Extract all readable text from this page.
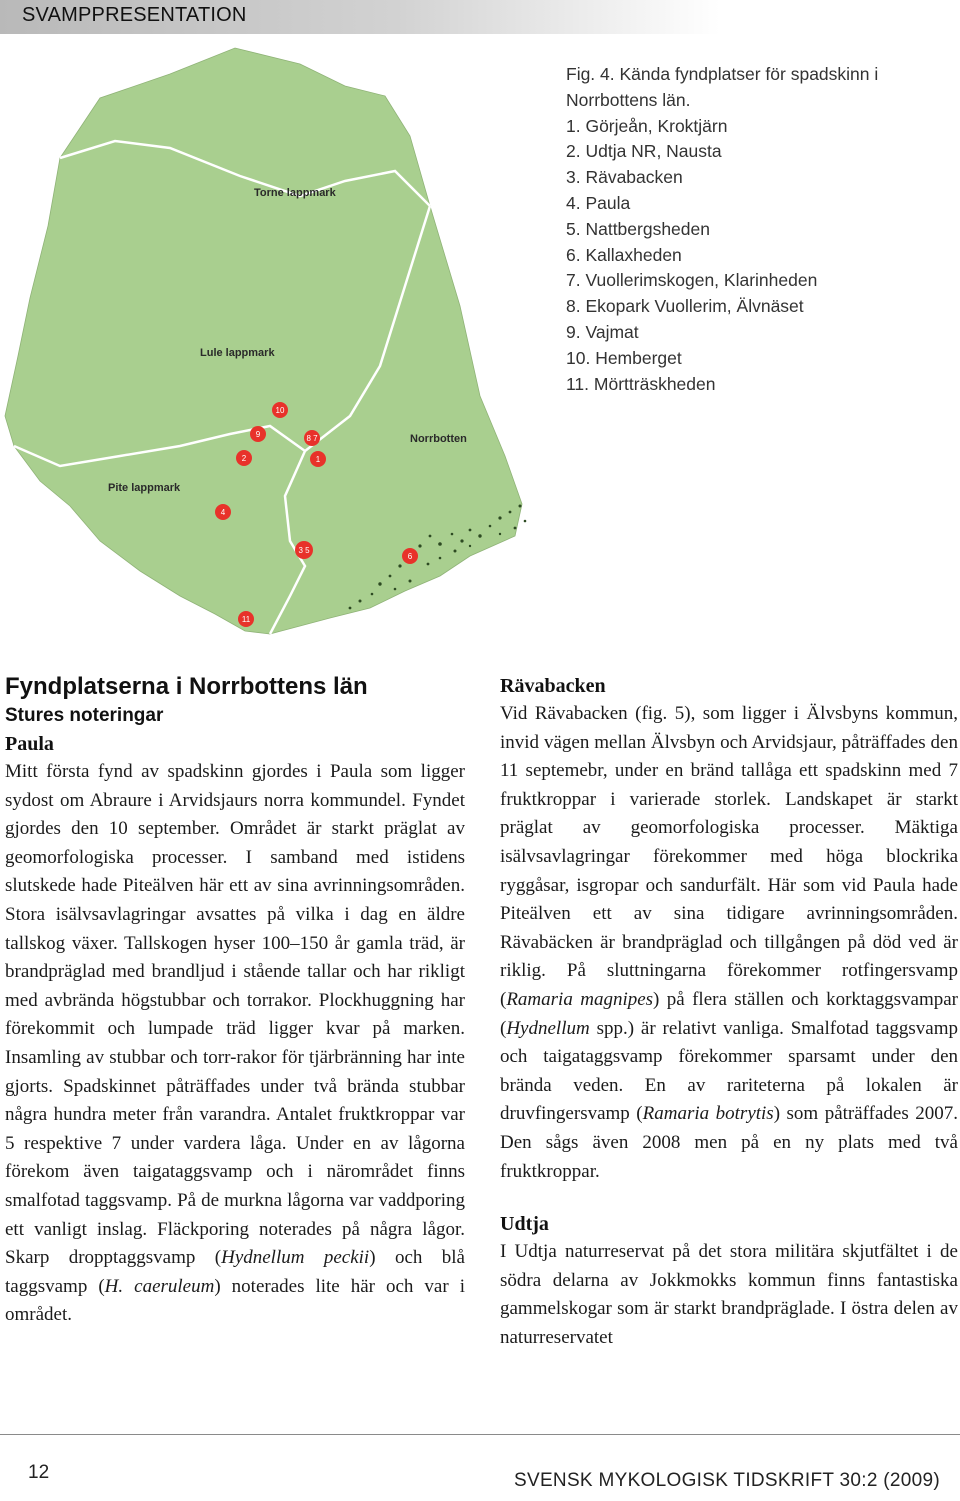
SVAMPPRESENTATION
Torne lappmark
Lule lappmark
Norrbotten
Pite lappmark
10
9	8 7
2	1
4
3 5
6
11
Fig. 4. Kända fyndplatser för spadskinn i Norrbottens län.
1. Görjeån, Kroktjärn
2. Udtja NR, Nausta
3. Rävabacken
4. Paula
5. Nattbergsheden
6. Kallaxheden
7. Vuollerimskogen, Klarinheden
8. Ekopark Vuollerim, Älvnäset
9. Vajmat
10. Hemberget
11. Mörtträskheden
Fyndplatserna i Norrbottens län
Stures noteringar
Paula

Mitt första fynd av spadskinn gjordes i Paula som ligger sydost om Abraure i Arvidsjaurs norra kommundel. Fyndet gjordes den 10 september. Området är starkt präglat av geomorfologiska processer. I samband med istidens slutskede hade Piteälven här ett av sina avrinningsområden. Stora isälvsavlagringar avsattes på vilka i dag en äldre tallskog växer. Tallskogen hyser 100–150 år gamla träd, är brandpräglad med brandljud i stående tallar och har rikligt med avbrända högstubbar och torrakor. Plockhuggning har förekommit och lumpade träd ligger kvar på marken. Insamling av stubbar och torr-rakor för tjärbränning har inte gjorts. Spadskinnet påträffades under två brända stubbar några hundra meter från varandra. Antalet fruktkroppar var 5 respektive 7 under vardera låga. Under en av lågorna förekom även taigataggsvamp och i närområdet finns smalfotad taggsvamp. På de murkna lågorna var vaddporing ett vanligt inslag. Fläckporing noterades på några lågor. Skarp dropptaggsvamp (Hydnellum peckii) och blå taggsvamp (H. caeruleum) noterades lite här och var i området.

Rävabacken

Vid Rävabacken (fig. 5), som ligger i Älvsbyns kommun, invid vägen mellan Älvsbyn och Arvidsjaur, påträffades den 11 septemebr, under en bränd tallåga ett spadskinn med 7 fruktkroppar i varierade storlek. Landskapet är starkt präglat av geomorfologiska processer. Mäktiga isälvsavlagringar förekommer med höga blockrika ryggåsar, isgropar och sandurfält. Här som vid Paula hade Piteälven ett av sina tidigare avrinningsområden. Rävabäcken är brandpräglad och tillgången på död ved är riklig. På sluttningarna förekommer rotfingersvamp (Ramaria magnipes) på flera ställen och korktaggsvampar (Hydnellum spp.) är relativt vanliga. Smalfotad taggsvamp och taigataggsvamp förekommer sparsamt under den brända veden. En av rariteterna på lokalen är druvfingersvamp (Ramaria botrytis) som påträffades 2007. Den sågs även 2008 men på en ny plats med två fruktkroppar.

Udtja

I Udtja naturreservat på det stora militära skjutfältet i de södra delarna av Jokkmokks kommun finns fantastiska gammelskogar som är starkt brandpräglade. I östra delen av naturreservatet

12	SVENSK MYKOLOGISK TIDSKRIFT 30:2 (2009)
